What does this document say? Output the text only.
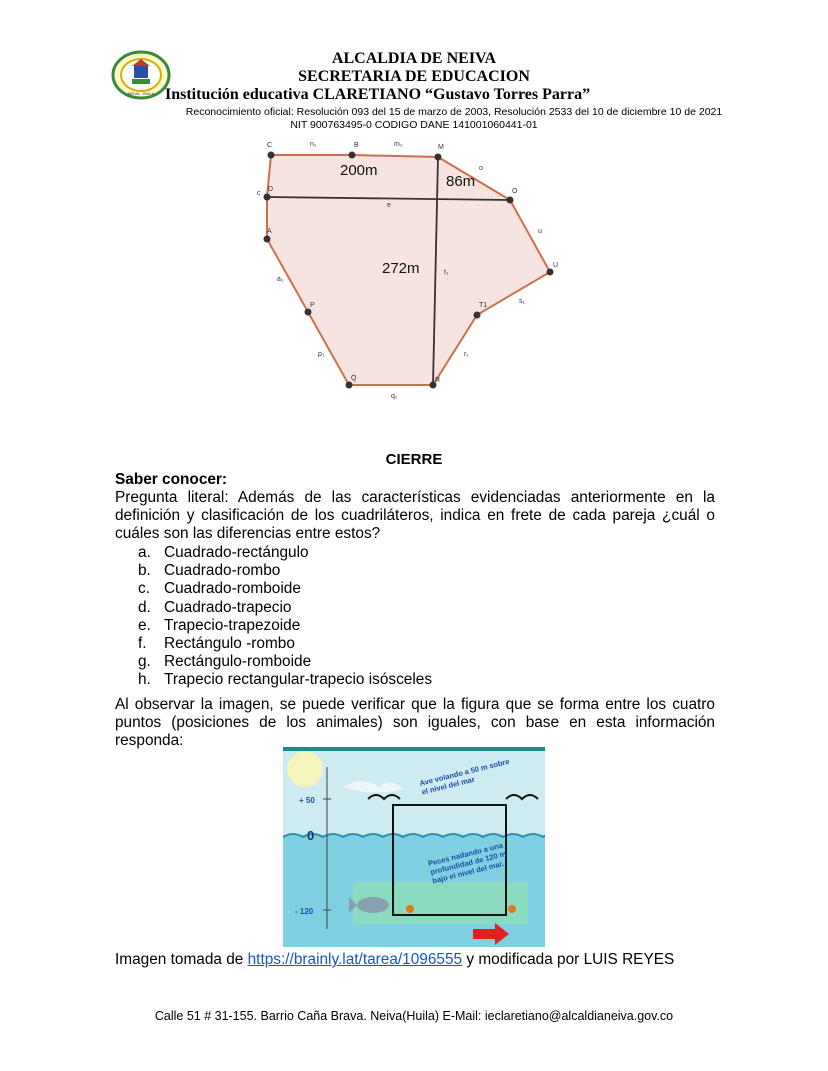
NEIVA - HUILA
ALCALDIA DE NEIVA
SECRETARIA DE EDUCACION
Institución educativa CLARETIANO “Gustavo Torres Parra”
Reconocimiento oficial: Resolución 093 del 15 de marzo de 2003, Resolución 2533 del 10 de diciembre 10 de 2021
NIT 900763495-0 CODIGO DANE 141001060441-01
C	B	M
O
U
T1
R
Q
P
A
D
n₁	m₂
o
u
s₁
r₁
q₁
p₁
a₁
c
e
t₁
200m
86m
272m
CIERRE
Saber conocer:
Pregunta literal: Además de las características evidenciadas anteriormente en la definición y clasificación de los cuadriláteros, indica en frete de cada pareja ¿cuál o cuáles son las diferencias entre estos?
a. Cuadrado-rectángulo
b. Cuadrado-rombo
c. Cuadrado-romboide
d. Cuadrado-trapecio
e. Trapecio-trapezoide
f.	Rectángulo -rombo
g. Rectángulo-romboide
h. Trapecio rectangular-trapecio isósceles
Al observar la imagen, se puede verificar que la figura que se forma entre los cuatro puntos (posiciones de los animales) son iguales, con base en esta información responda:
+ 50
0
- 120
Ave volando a 50 m sobre el nivel del mar
Peces nadando a una profundidad de 120 m bajo el nivel del mar.
Imagen tomada de https://brainly.lat/tarea/1096555 y modificada por LUIS REYES
Calle 51 # 31-155. Barrio Caña Brava. Neiva(Huila) E-Mail: ieclaretiano@alcaldianeiva.gov.co
